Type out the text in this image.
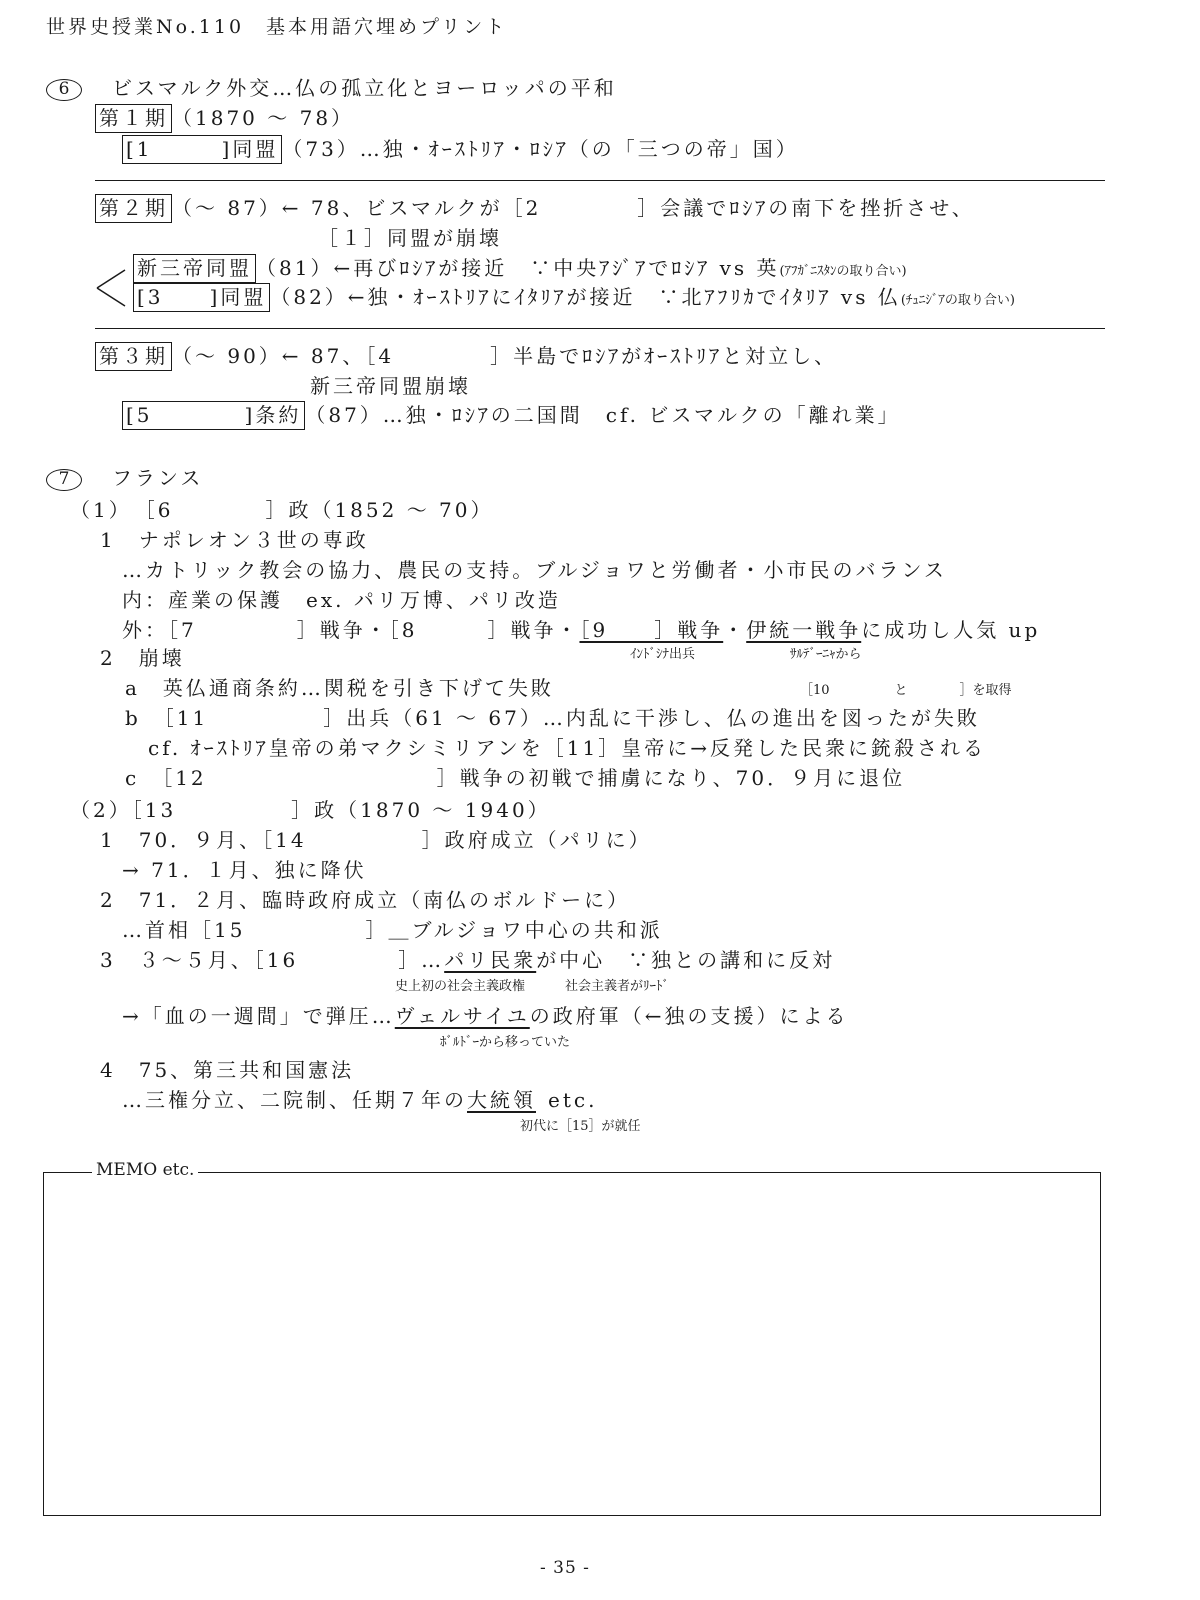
世界史授業No.110　基本用語穴埋めプリント
6 ビスマルク外交…仏の孤立化とヨーロッパの平和
第１期 （1870 ～ 78）
[1　　　]同盟 （73）…独・ｵｰｽﾄﾘｱ・ﾛｼｱ（の「三つの帝」国）
第２期 （～ 87）← 78、ビスマルクが［2	］会議でﾛｼｱの南下を挫折させ、
［１］同盟が崩壊
新三帝同盟 （81）←再びﾛｼｱが接近　∵中央ｱｼﾞｱでﾛｼｱ vs 英(ｱﾌｶﾞﾆｽﾀﾝの取り合い)
[3　　]同盟 （82）←独・ｵｰｽﾄﾘｱにｲﾀﾘｱが接近　∵北ｱﾌﾘｶでｲﾀﾘｱ vs 仏(ﾁｭﾆｼﾞｱの取り合い)
第３期 （～ 90）← 87、［4	］半島でﾛｼｱがｵｰｽﾄﾘｱと対立し、
新三帝同盟崩壊
[5　　　　]条約 （87）…独・ﾛｼｱの二国間　cf. ビスマルクの「離れ業」
7 フランス
（1）　［6　　　　］政（1852 ～ 70）
1　ナポレオン３世の専政
…カトリック教会の協力、農民の支持。ブルジョワと労働者・小市民のバランス
内：産業の保護　ex. パリ万博、パリ改造
外：［7	］戦争・［8	］戦争・［9　　］戦争・伊統一戦争に成功し人気 up
ｲﾝﾄﾞｼﾅ出兵	ｻﾙﾃﾞｰﾆｬから
2　崩壊
a　英仏通商条約…関税を引き下げて失敗	［10　　　　　と　　　　］を取得
b　［11　　　　　］出兵（61 ～ 67）…内乱に干渉し、仏の進出を図ったが失敗
cf. ｵｰｽﾄﾘｱ皇帝の弟マクシミリアンを［11］皇帝に→反発した民衆に銃殺される
c　［12　　　　　　　　　　］戦争の初戦で捕虜になり、70．９月に退位
（2）［13　　　　　］政（1870 ～ 1940）
1　70．９月、［14　　　　　］政府成立（パリに）
→ 71．１月、独に降伏
2　71．２月、臨時政府成立（南仏のボルドーに）
…首相［15	］＿ブルジョワ中心の共和派
3　３～５月、［16	］…パリ民衆が中心　∵独との講和に反対
史上初の社会主義政権	社会主義者がﾘｰﾄﾞ
→「血の一週間」で弾圧…ヴェルサイユの政府軍（←独の支援）による
ﾎﾞﾙﾄﾞｰから移っていた
4　75、第三共和国憲法
…三権分立、二院制、任期７年の大統領 etc.
初代に［15］が就任
MEMO etc.
- 35 -
